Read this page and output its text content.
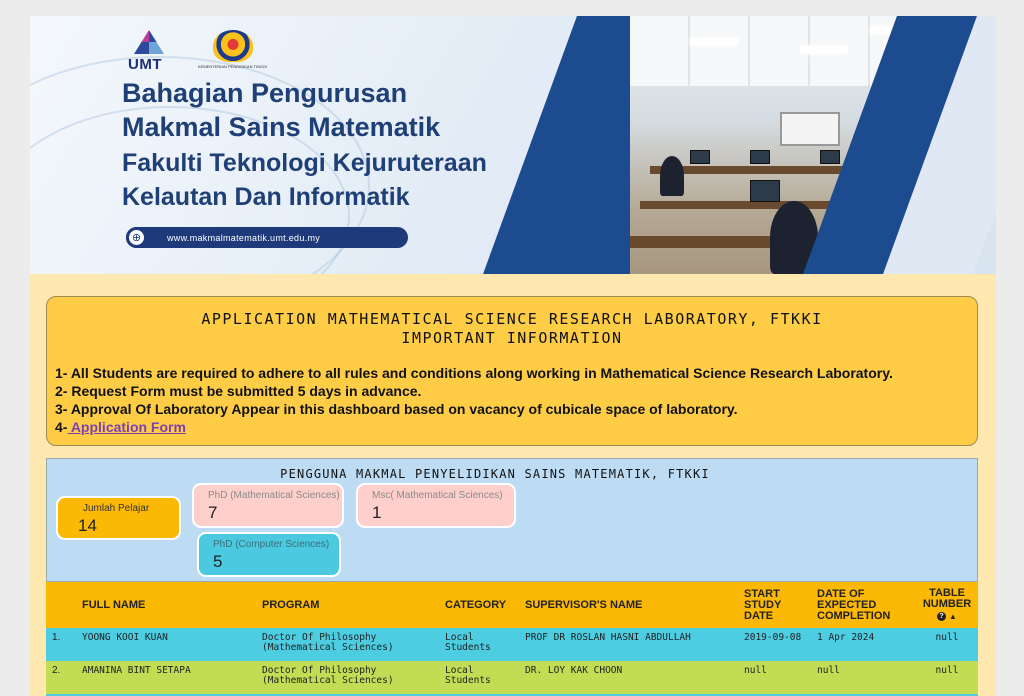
UMT	KEMENTERIAN PENDIDIKAN TINGGI
Bahagian Pengurusan
Makmal Sains Matematik
Fakulti Teknologi Kejuruteraan
Kelautan Dan Informatik
⊕	www.makmalmatematik.umt.edu.my
APPLICATION MATHEMATICAL SCIENCE RESEARCH LABORATORY, FTKKI
IMPORTANT INFORMATION
1- All Students are required to adhere to all rules and conditions along working in Mathematical Science Research Laboratory.
2- Request Form must be submitted 5 days in advance.
3- Approval Of Laboratory Appear in this dashboard based on vacancy of cubicale space of laboratory.
4- Application Form
PENGGUNA MAKMAL PENYELIDIKAN SAINS MATEMATIK, FTKKI
Jumlah Pelajar
14
PhD (Mathematical Sciences)
7
Msc( Mathematical Sciences)
1
PhD (Computer Sciences)
5
	FULL NAME	PROGRAM	CATEGORY	SUPERVISOR'S NAME	START
STUDY
DATE	DATE OF
EXPECTED
COMPLETION	TABLE
NUMBER

? ▲

1.	YOONG KOOI KUAN	Doctor Of Philosophy (Mathematical Sciences)	Local Students	PROF DR ROSLAN HASNI ABDULLAH	2019-09-08	1 Apr 2024	null
2.	AMANINA BINT SETAPA	Doctor Of Philosophy (Mathematical Sciences)	Local Students	DR. LOY KAK CHOON	null	null	null
